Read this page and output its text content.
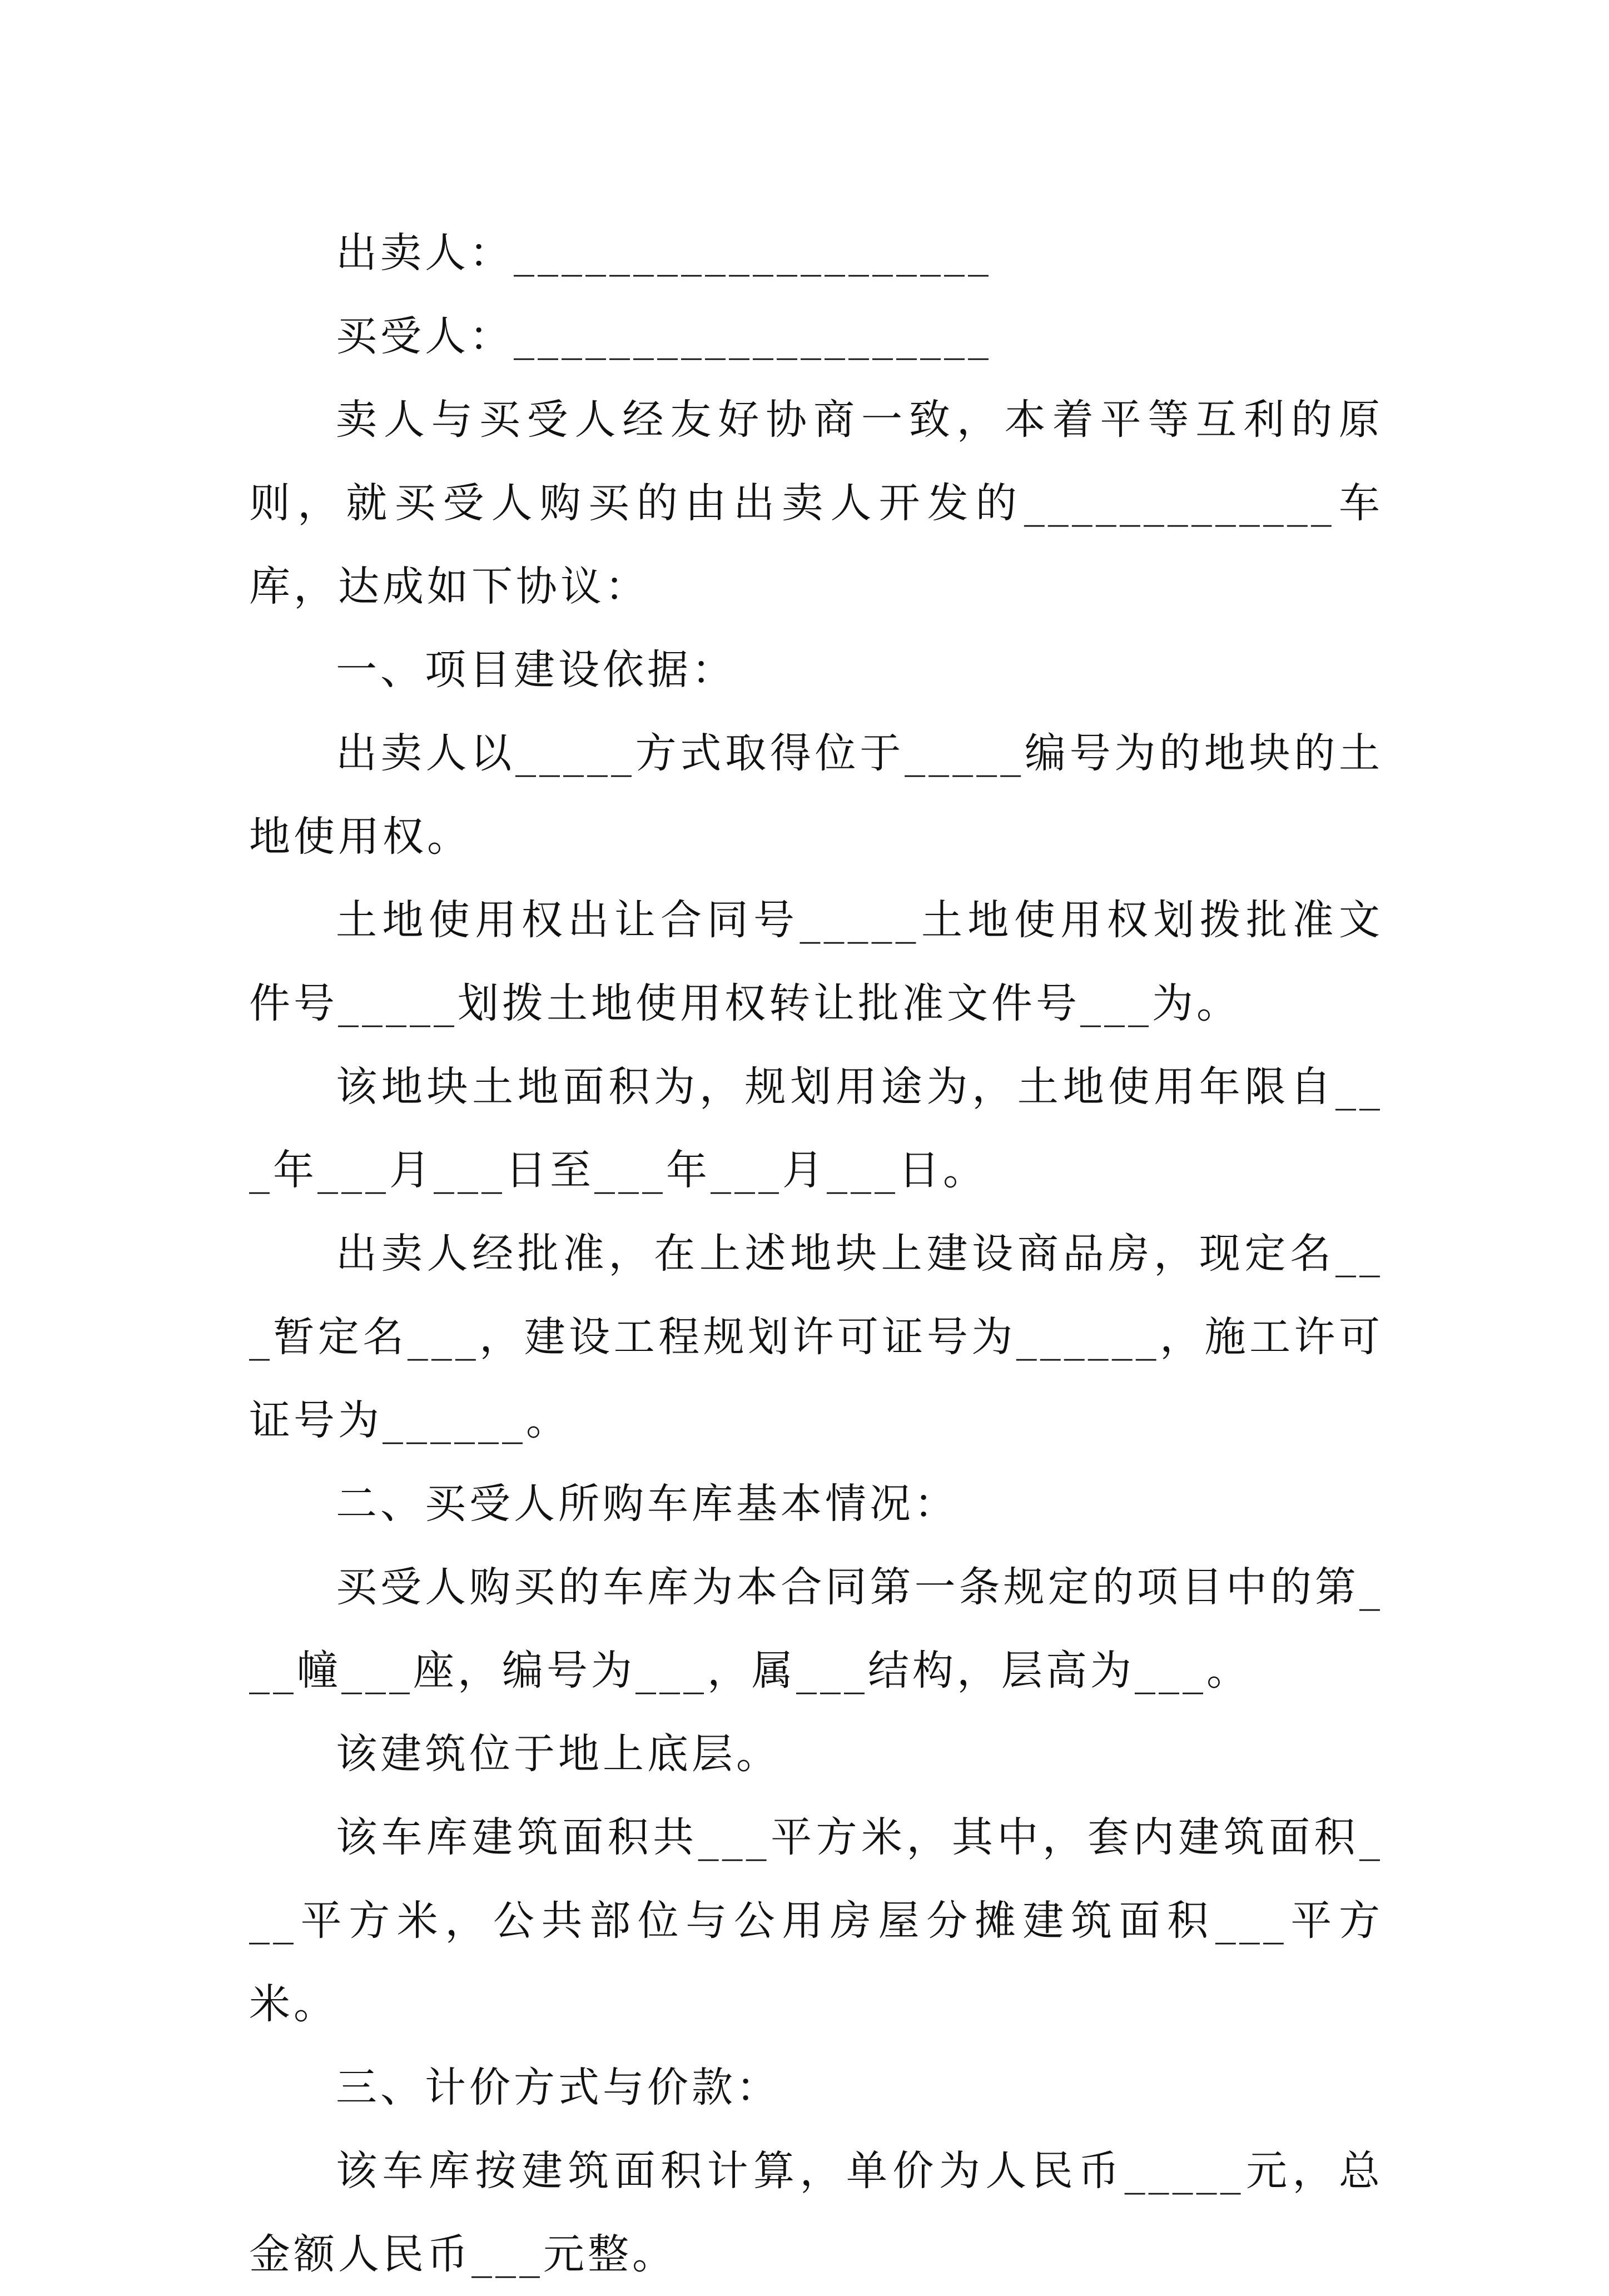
出卖人：____________________

买受人：____________________

卖人与买受人经友好协商一致，本着平等互利的原则，就买受人购买的由出卖人开发的_____________车库，达成如下协议：

一、项目建设依据：

出卖人以_____方式取得位于_____编号为的地块的土地使用权。

土地使用权出让合同号_____土地使用权划拨批准文件号_____划拨土地使用权转让批准文件号___为。

该地块土地面积为，规划用途为，土地使用年限自___年___月___日至___年___月___日。

出卖人经批准，在上述地块上建设商品房，现定名___暂定名___，建设工程规划许可证号为______，施工许可证号为______。

二、买受人所购车库基本情况：

买受人购买的车库为本合同第一条规定的项目中的第___幢___座，编号为___，属___结构，层高为___。

该建筑位于地上底层。

该车库建筑面积共___平方米，其中，套内建筑面积___平方米，公共部位与公用房屋分摊建筑面积___平方米。

三、计价方式与价款：

该车库按建筑面积计算，单价为人民币_____元，总金额人民币___元整。
